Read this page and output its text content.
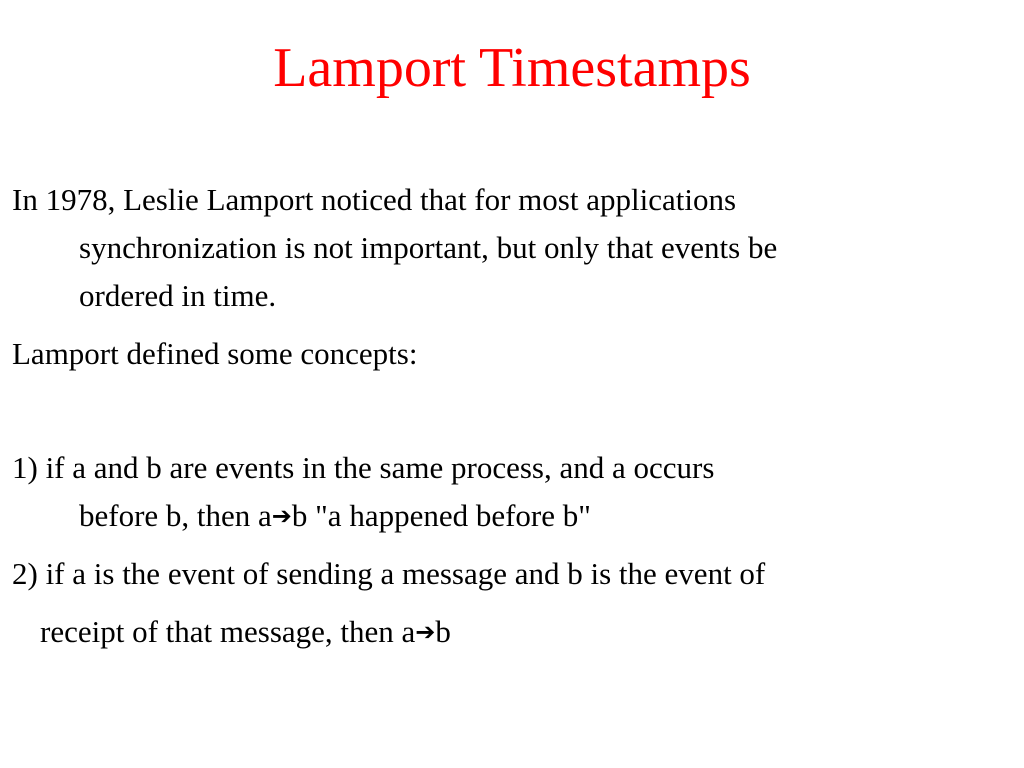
Lamport Timestamps
In 1978, Leslie Lamport noticed that for most applications
synchronization is not important, but only that events be
ordered in time.
Lamport defined some concepts:
1) if a and b are events in the same process, and a occurs
before b, then a➔b "a happened before b"
2) if a is the event of sending a message and b is the event of
receipt of that message, then a➔b
